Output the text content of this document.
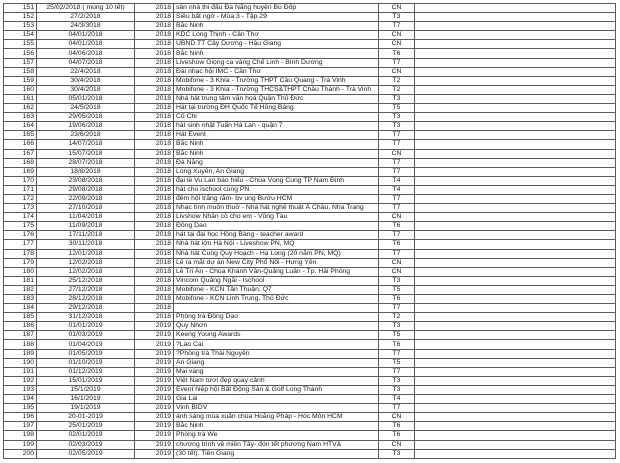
151	25/02/2018 ( mùng 10 tết)	2018	sân nhà thi đấu Đa Năng huyện Bù Đốp	CN	
152	27/2/2018	2018	Siêu bất ngờ - Mùa 3 - Tập 29	T3	
153	24/3/3018	2018	Bắc Ninh	T7	
154	04/01/2018	2018	KDC Long Thịnh - Cần Thơ	CN	
155	04/01/2018	2018	UBND TT Cây Dương - Hậu Giang	CN	
156	04/06/2018	2018	Bắc Ninh	T6	
157	04/07/2018	2018	Liveshow Giọng ca vàng Chế Linh - Bình Dương	T7	
158	22/4/2018	2018	Đại nhạc hội IMC - Cần Thơ	CN	
159	30/4/2018	2018	Mobifone - 3 Khía - Trường THPT Cầu Quang - Trà Vinh	T2	
160	30/4/2018	2018	Mobifone - 3 Khía - Trường THCS&THPT Châu Thành - Trà Vinh	T2	
161	05/01/2018	2018	Nhà hát trung tâm văn hoá Quận Thủ Đức	T3	
162	24/5/2018	2018	Hát tại trường ĐH Quốc Tế Hồng Bàng	T5	
163	29/05/2018	2018	Củ Chi	T3	
164	19/06/2018	2018	hát sinh nhật Tuấn Hà Lan - quận 7	T3	
165	23/6/2018	2018	Hát Event	T7	
166	14/07/2018	2018	Bắc Ninh	T7	
167	15/07/2018	2018	Bắc Ninh	CN	
168	28/07/2018	2018	Đà Nẵng	T7	
169	18/8/2018	2018	Long Xuyên, An Giang	T7	
170	23/08/2018	2018	đại lễ Vu Lan báo hiếu - Chùa Vọng Cung TP Nam Định	T4	
171	29/08/2018	2018	hát cho ischool cùng PN	T4	
172	22/09/2018	2018	đêm hội trăng rằm- bv ung Bướu HCM	T7	
173	27/10/2018	2018	Nhạc tình muôn thuở - Nhà hát nghệ thuật Á Châu, Nha Trang	T7	
174	11/04/2018	2018	Livshow Nhẫn cỏ cho em - Vũng Tàu	CN	
175	11/09/2018	2018	Đồng Dao	T6	
176	17/11/2018	2018	hát tại đại học Hồng Bàng - teacher award	T7	
177	30/11/2018	2018	Nhà hát lớn Hà Nội - Liveshow PN, MQ	T6	
178	12/01/2018	2018	Nhà hát Cung Quy Hoạch - Hạ Long (20 năm PN, MQ)	T7	
179	12/02/2018	2018	Lễ ra mắt dự án New City Phố Nối - Hưng Yên	CN	
180	12/02/2018	2018	Lễ Tri Ân - Chùa Khánh Vân-Quảng Luân - Tp. Hải Phòng	CN	
181	25/12/2018	2018	Vincom Quảng Ngãi - Ischool	T3	
182	27/12/2018	2018	Mobifone - KCN Tân Thuận, Q7	T5	
183	28/12/2018	2018	Mobifone - KCN Linh Trung, Thủ Đức	T6	
184	29/12/2018	2018		T7	
185	31/12/2018	2018	Phòng trà Đồng Dao	T2	
186	01/01/2019	2019	Quy Nhơn	T3	
187	01/03/2019	2019	Keeng Young Awards	T5	
188	01/04/2019	2019	?Lào Cai	T6	
189	01/05/2019	2019	?Phòng trà Thái Nguyên	T7	
190	01/10/2019	2019	An Giang	T5	
191	01/12/2019	2019	Mai vàng	T7	
192	15/01/2019	2019	Việt Nam tươi đẹp quay cảnh	T3	
193	15/1/2019	2019	Event hiệp hội Bất Động Sản & Golf Long Thành	T3	
194	16/1/2019	2019	Gia Lai	T4	
195	19/1/2019	2019	Vinh BIDV	T7	
196	20-01-2019	2019	ánh sáng mùa xuân chùa Hoằng Pháp - Hóc Môn HCM	CN	
197	25/01/2019	2019	Bắc Ninh	T6	
198	02/01/2019	2019	Phòng trà We	T6	
199	02/03/2019	2019	chương trình về miền Tây- đón tết phương Nam HTV&	CN	
200	02/05/2019	2019	(30 tết). Tiền Giang	T3	
